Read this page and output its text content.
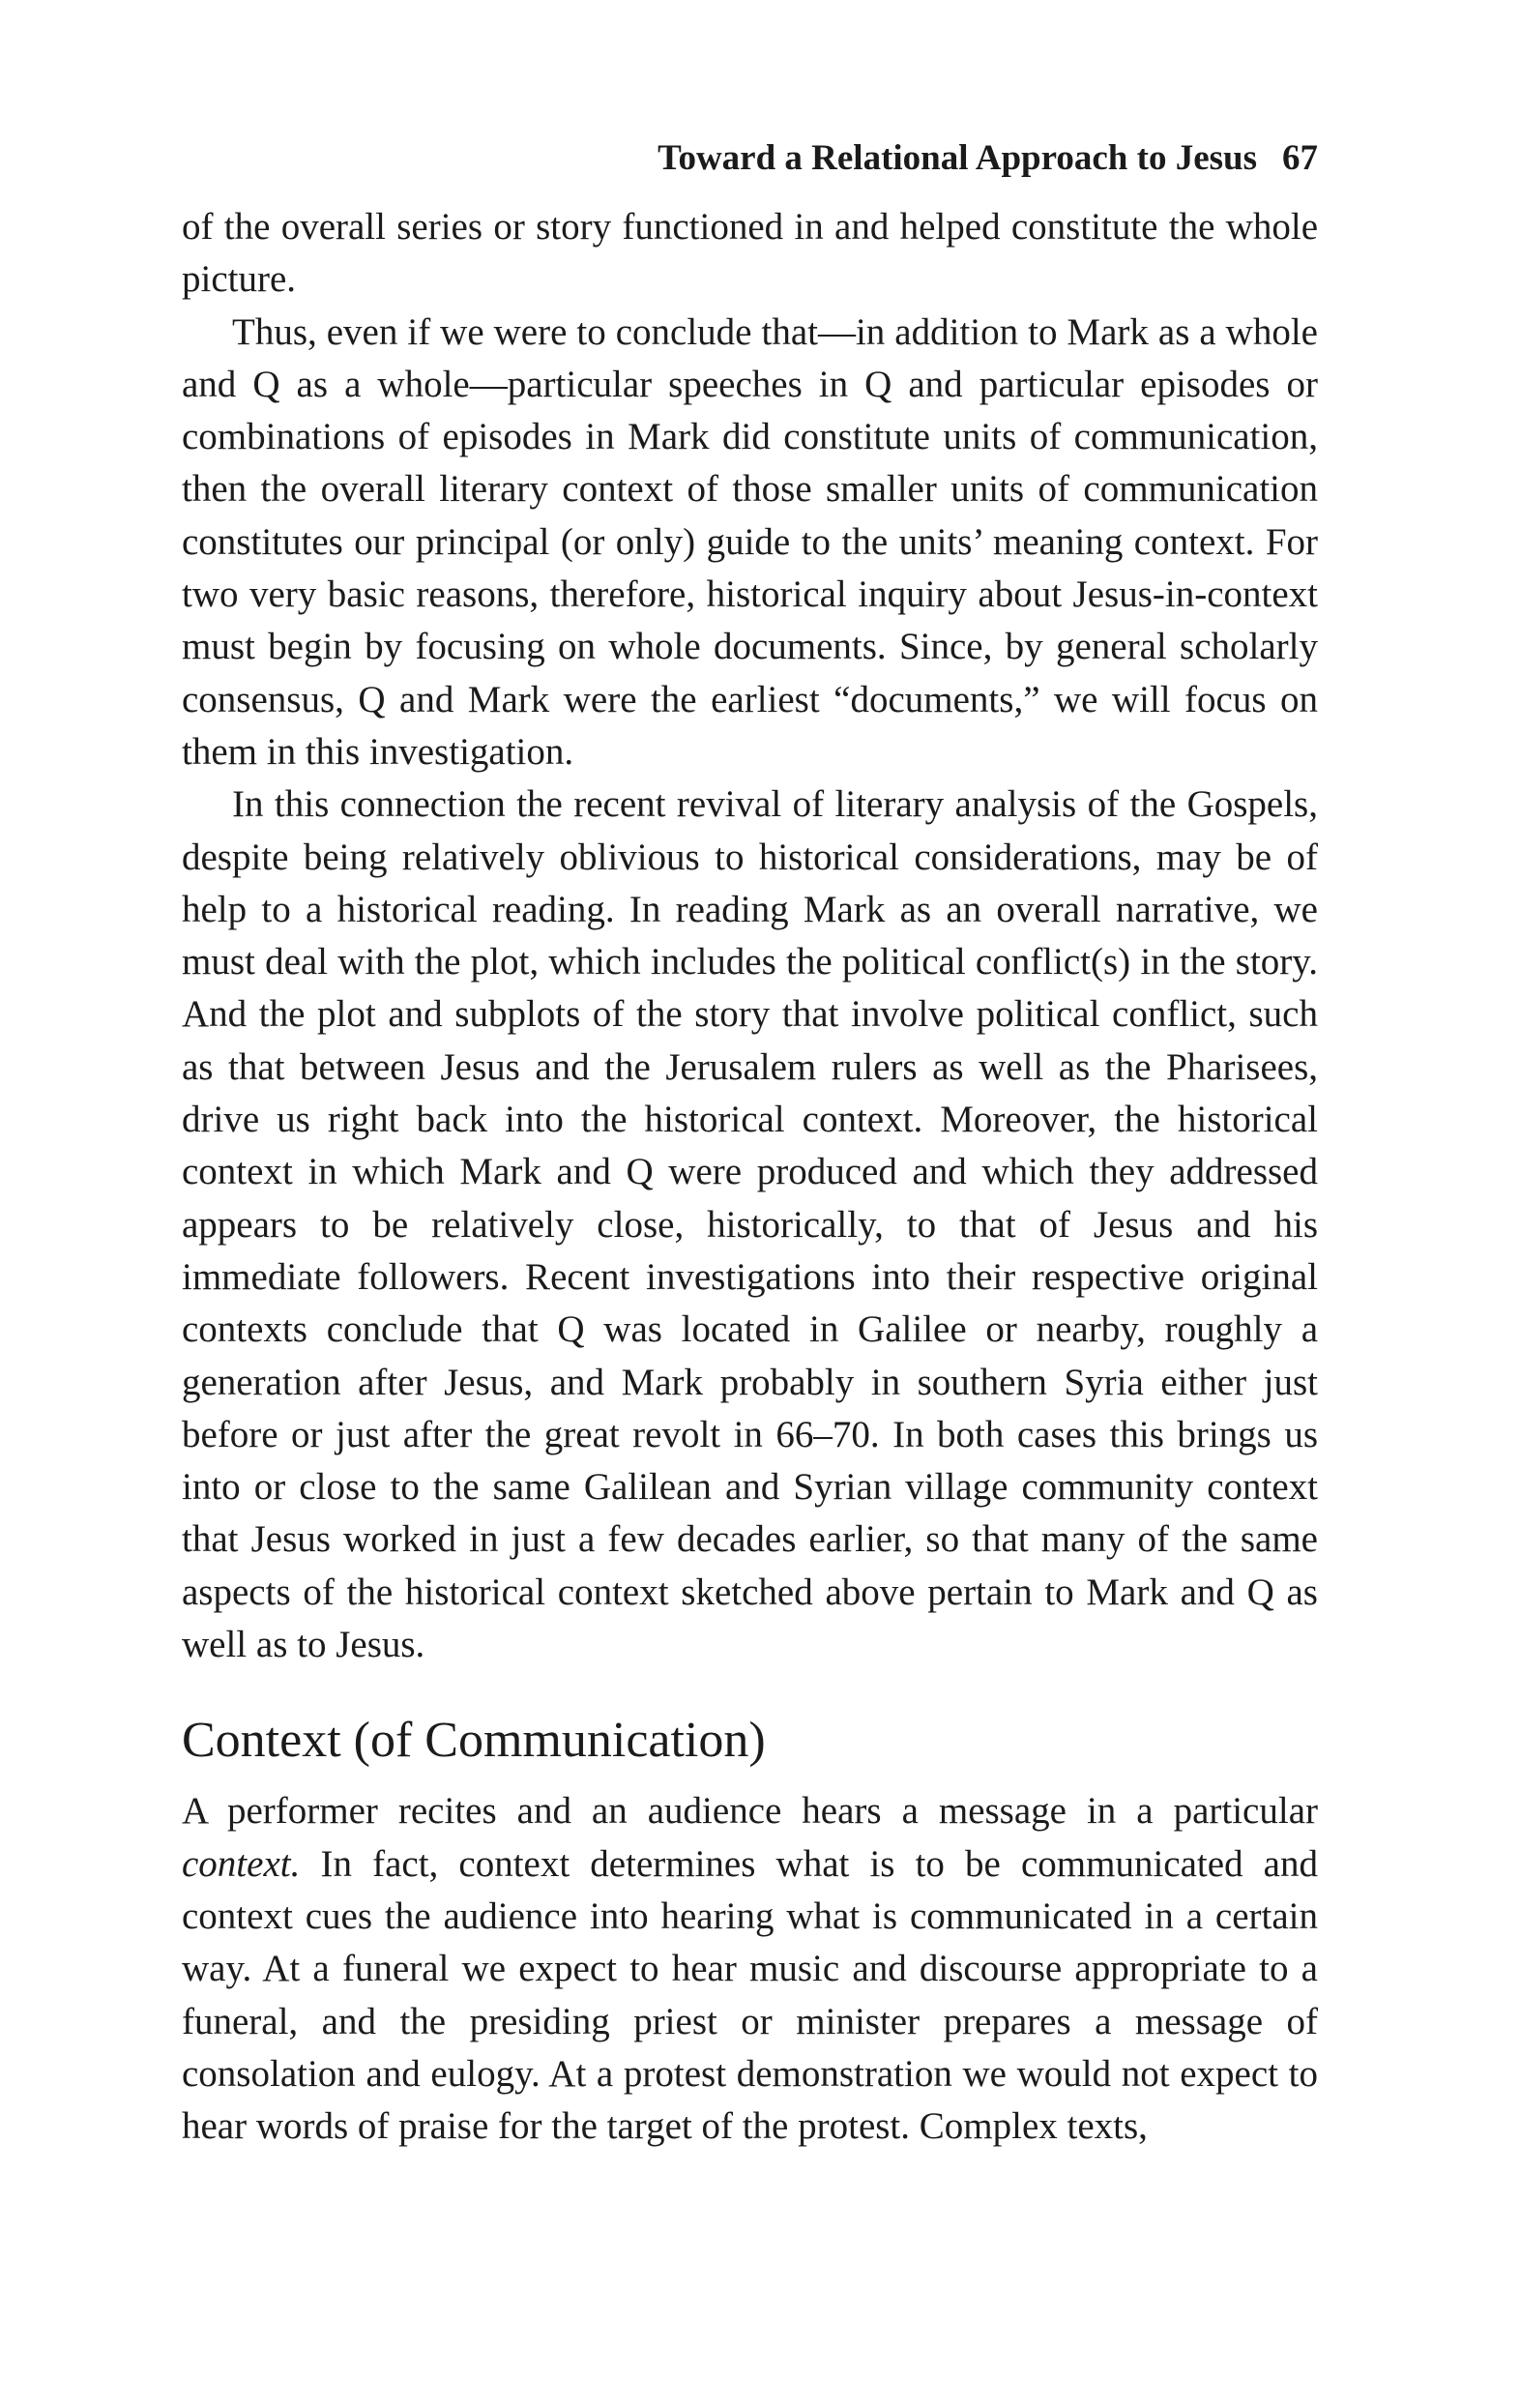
Toward a Relational Approach to Jesus 67

of the overall series or story functioned in and helped constitute the whole picture.

Thus, even if we were to conclude that—in addition to Mark as a whole and Q as a whole—particular speeches in Q and particular episodes or combinations of episodes in Mark did constitute units of communication, then the overall literary context of those smaller units of communication constitutes our principal (or only) guide to the units’ meaning context. For two very basic reasons, therefore, historical inquiry about Jesus-in-context must begin by focusing on whole documents. Since, by general scholarly consensus, Q and Mark were the earliest “documents,” we will focus on them in this investigation.

In this connection the recent revival of literary analysis of the Gospels, despite being relatively oblivious to historical considerations, may be of help to a historical reading. In reading Mark as an overall narrative, we must deal with the plot, which includes the political conflict(s) in the story. And the plot and subplots of the story that involve political conflict, such as that between Jesus and the Jerusalem rulers as well as the Pharisees, drive us right back into the historical context. Moreover, the historical context in which Mark and Q were produced and which they addressed appears to be relatively close, historically, to that of Jesus and his immediate followers. Recent investigations into their respective original contexts conclude that Q was located in Galilee or nearby, roughly a generation after Jesus, and Mark probably in southern Syria either just before or just after the great revolt in 66–70. In both cases this brings us into or close to the same Galilean and Syrian village community context that Jesus worked in just a few decades earlier, so that many of the same aspects of the historical context sketched above pertain to Mark and Q as well as to Jesus.

Context (of Communication)

A performer recites and an audience hears a message in a particular context. In fact, context determines what is to be communicated and context cues the audience into hearing what is communicated in a certain way. At a funeral we expect to hear music and discourse appropriate to a funeral, and the presiding priest or minister prepares a message of consolation and eulogy. At a protest demonstration we would not expect to hear words of praise for the target of the protest. Complex texts,
